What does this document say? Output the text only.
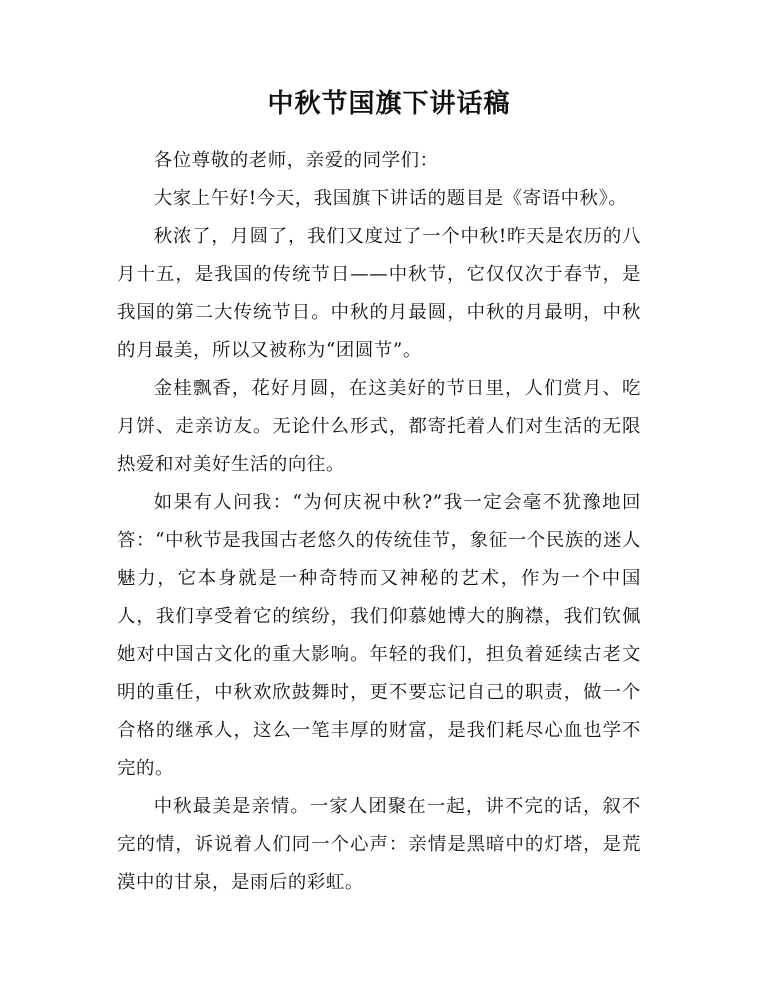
中秋节国旗下讲话稿

各位尊敬的老师，亲爱的同学们：

大家上午好!今天，我国旗下讲话的题目是《寄语中秋》。

秋浓了，月圆了，我们又度过了一个中秋!昨天是农历的八月十五，是我国的传统节日——中秋节，它仅仅次于春节，是我国的第二大传统节日。中秋的月最圆，中秋的月最明，中秋的月最美，所以又被称为“团圆节”。

金桂飘香，花好月圆，在这美好的节日里，人们赏月、吃月饼、走亲访友。无论什么形式，都寄托着人们对生活的无限热爱和对美好生活的向往。

如果有人问我：“为何庆祝中秋?”我一定会毫不犹豫地回答：“中秋节是我国古老悠久的传统佳节，象征一个民族的迷人魅力，它本身就是一种奇特而又神秘的艺术，作为一个中国人，我们享受着它的缤纷，我们仰慕她博大的胸襟，我们钦佩她对中国古文化的重大影响。年轻的我们，担负着延续古老文明的重任，中秋欢欣鼓舞时，更不要忘记自己的职责，做一个合格的继承人，这么一笔丰厚的财富，是我们耗尽心血也学不完的。

中秋最美是亲情。一家人团聚在一起，讲不完的话，叙不完的情，诉说着人们同一个心声：亲情是黑暗中的灯塔，是荒漠中的甘泉，是雨后的彩虹。
